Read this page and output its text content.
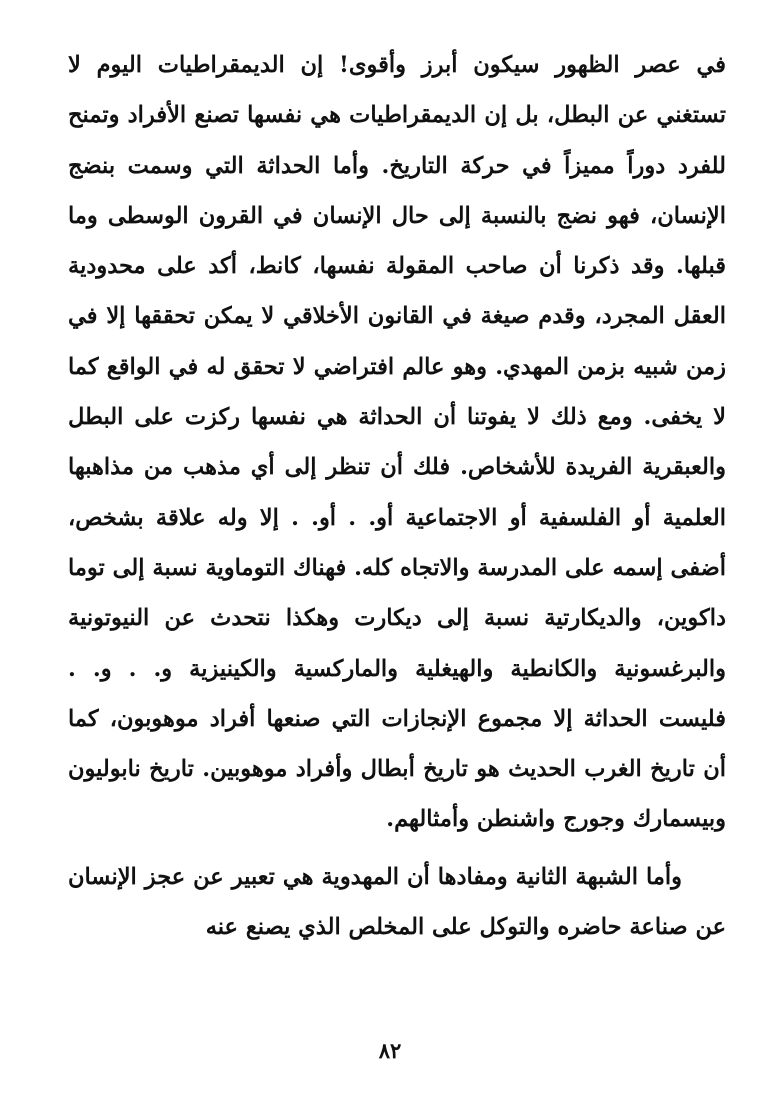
في عصر الظهور سيكون أبرز وأقوى! إن الديمقراطيات اليوم لا تستغني عن البطل، بل إن الديمقراطيات هي نفسها تصنع الأفراد وتمنح للفرد دوراً مميزاً في حركة التاريخ. وأما الحداثة التي وسمت بنضج الإنسان، فهو نضج بالنسبة إلى حال الإنسان في القرون الوسطى وما قبلها. وقد ذكرنا أن صاحب المقولة نفسها، كانط، أكد على محدودية العقل المجرد، وقدم صيغة في القانون الأخلاقي لا يمكن تحققها إلا في زمن شبيه بزمن المهدي. وهو عالم افتراضي لا تحقق له في الواقع كما لا يخفى. ومع ذلك لا يفوتنا أن الحداثة هي نفسها ركزت على البطل والعبقرية الفريدة للأشخاص. فلك أن تنظر إلى أي مذهب من مذاهبها العلمية أو الفلسفية أو الاجتماعية أو. . أو. . إلا وله علاقة بشخص، أضفى إسمه على المدرسة والاتجاه كله. فهناك التوماوية نسبة إلى توما داكوين، والديكارتية نسبة إلى ديكارت وهكذا نتحدث عن النيوتونية والبرغسونية والكانطية والهيغلية والماركسية والكينيزية و. . و. . فليست الحداثة إلا مجموع الإنجازات التي صنعها أفراد موهوبون، كما أن تاريخ الغرب الحديث هو تاريخ أبطال وأفراد موهوبين. تاريخ نابوليون وبيسمارك وجورج واشنطن وأمثالهم.

وأما الشبهة الثانية ومفادها أن المهدوية هي تعبير عن عجز الإنسان عن صناعة حاضره والتوكل على المخلص الذي يصنع عنه

٨٢
